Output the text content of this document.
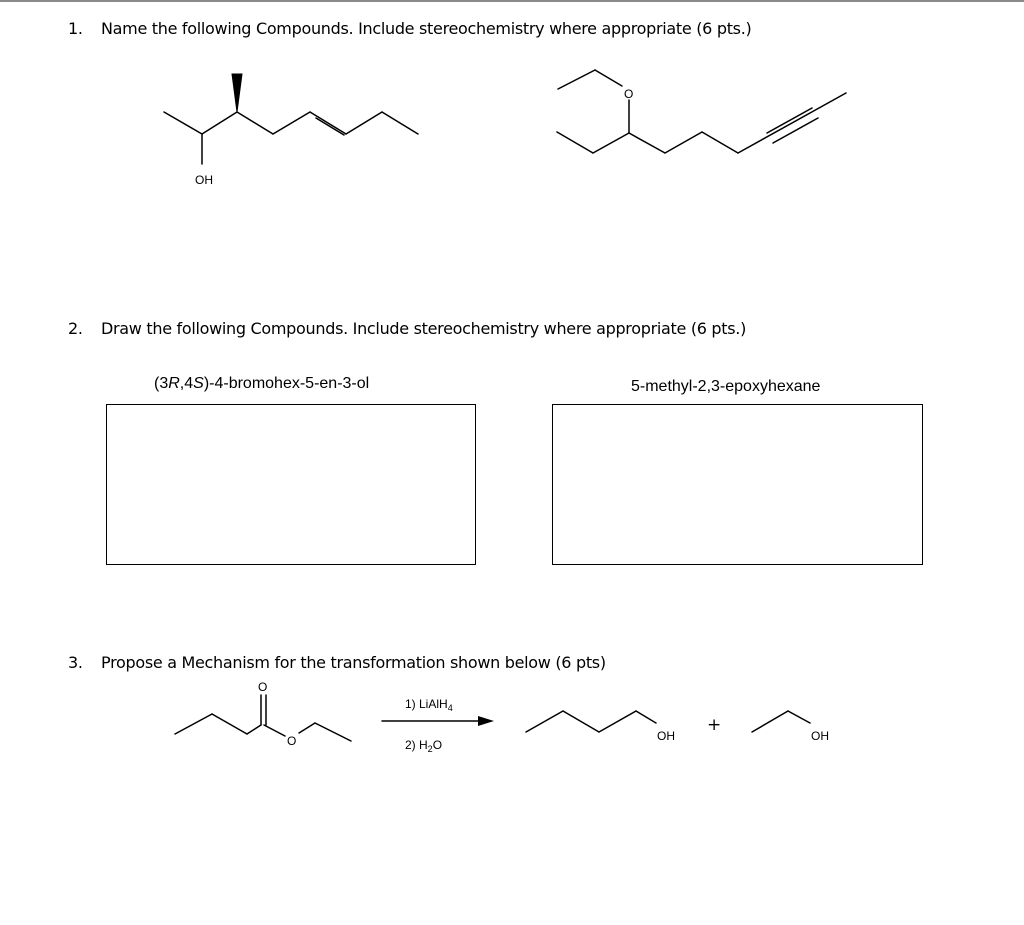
1. Name the following Compounds. Include stereochemistry where appropriate (6 pts.)
OH
O
2. Draw the following Compounds. Include stereochemistry where appropriate (6 pts.)
(3R,4S)-4-bromohex-5-en-3-ol	5-methyl-2,3-epoxyhexane
3. Propose a Mechanism for the transformation shown below (6 pts)
O
O
1) LiAlH$_4$
2) $H_2O$
OH
+
OH
